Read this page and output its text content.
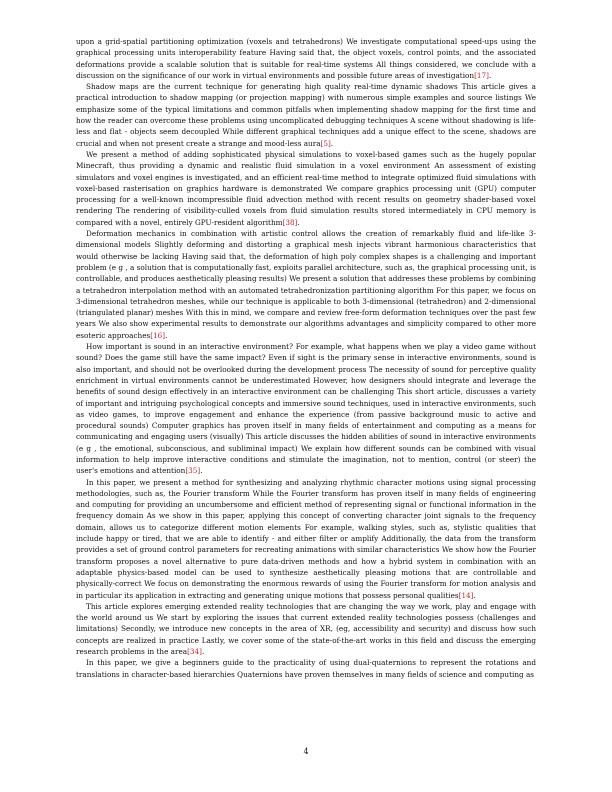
upon a grid-spatial partitioning optimization (voxels and tetrahedrons) We investigate computational speed-ups using the graphical processing units interoperability feature Having said that, the object voxels, control points, and the associated deformations provide a scalable solution that is suitable for real-time systems All things considered, we conclude with a discussion on the significance of our work in virtual environments and possible future areas of investigation[17].

Shadow maps are the current technique for generating high quality real-time dynamic shadows This article gives a practical introduction to shadow mapping (or projection mapping) with numerous simple examples and source listings We emphasize some of the typical limitations and common pitfalls when implementing shadow mapping for the first time and how the reader can overcome these problems using uncomplicated debugging techniques A scene without shadowing is life-less and flat - objects seem decoupled While different graphical techniques add a unique effect to the scene, shadows are crucial and when not present create a strange and mood-less aura[5].

We present a method of adding sophisticated physical simulations to voxel-based games such as the hugely popular Minecraft, thus providing a dynamic and realistic fluid simulation in a voxel environment An assessment of existing simulators and voxel engines is investigated, and an efficient real-time method to integrate optimized fluid simulations with voxel-based rasterisation on graphics hardware is demonstrated We compare graphics processing unit (GPU) computer processing for a well-known incompressible fluid advection method with recent results on geometry shader-based voxel rendering The rendering of visibility-culled voxels from fluid simulation results stored intermediately in CPU memory is compared with a novel, entirely GPU-resident algorithm[38].

Deformation mechanics in combination with artistic control allows the creation of remarkably fluid and life-like 3-dimensional models Slightly deforming and distorting a graphical mesh injects vibrant harmonious characteristics that would otherwise be lacking Having said that, the deformation of high poly complex shapes is a challenging and important problem (e g , a solution that is computationally fast, exploits parallel architecture, such as, the graphical processing unit, is controllable, and produces aesthetically pleasing results) We present a solution that addresses these problems by combining a tetrahedron interpolation method with an automated tetrahedronization partitioning algorithm For this paper, we focus on 3-dimensional tetrahedron meshes, while our technique is applicable to both 3-dimensional (tetrahedron) and 2-dimensional (triangulated planar) meshes With this in mind, we compare and review free-form deformation techniques over the past few years We also show experimental results to demonstrate our algorithms advantages and simplicity compared to other more esoteric approaches[16].

How important is sound in an interactive environment? For example, what happens when we play a video game without sound? Does the game still have the same impact? Even if sight is the primary sense in interactive environments, sound is also important, and should not be overlooked during the development process The necessity of sound for perceptive quality enrichment in virtual environments cannot be underestimated However, how designers should integrate and leverage the benefits of sound design effectively in an interactive environment can be challenging This short article, discusses a variety of important and intriguing psychological concepts and immersive sound techniques, used in interactive environments, such as video games, to improve engagement and enhance the experience (from passive background music to active and procedural sounds) Computer graphics has proven itself in many fields of entertainment and computing as a means for communicating and engaging users (visually) This article discusses the hidden abilities of sound in interactive environments (e g , the emotional, subconscious, and subliminal impact) We explain how different sounds can be combined with visual information to help improve interactive conditions and stimulate the imagination, not to mention, control (or steer) the user's emotions and attention[35].

In this paper, we present a method for synthesizing and analyzing rhythmic character motions using signal processing methodologies, such as, the Fourier transform While the Fourier transform has proven itself in many fields of engineering and computing for providing an uncumbersome and efficient method of representing signal or functional information in the frequency domain As we show in this paper, applying this concept of converting character joint signals to the frequency domain, allows us to categorize different motion elements For example, walking styles, such as, stylistic qualities that include happy or tired, that we are able to identify - and either filter or amplify Additionally, the data from the transform provides a set of ground control parameters for recreating animations with similar characteristics We show how the Fourier transform proposes a novel alternative to pure data-driven methods and how a hybrid system in combination with an adaptable physics-based model can be used to synthesize aesthetically pleasing motions that are controllable and physically-correct We focus on demonstrating the enormous rewards of using the Fourier transform for motion analysis and in particular its application in extracting and generating unique motions that possess personal qualities[14].

This article explores emerging extended reality technologies that are changing the way we work, play and engage with the world around us We start by exploring the issues that current extended reality technologies possess (challenges and limitations) Secondly, we introduce new concepts in the area of XR, (eg, accessibility and security) and discuss how such concepts are realized in practice Lastly, we cover some of the state-of-the-art works in this field and discuss the emerging research problems in the area[34].

In this paper, we give a beginners guide to the practicality of using dual-quaternions to represent the rotations and translations in character-based hierarchies Quaternions have proven themselves in many fields of science and computing as

4
